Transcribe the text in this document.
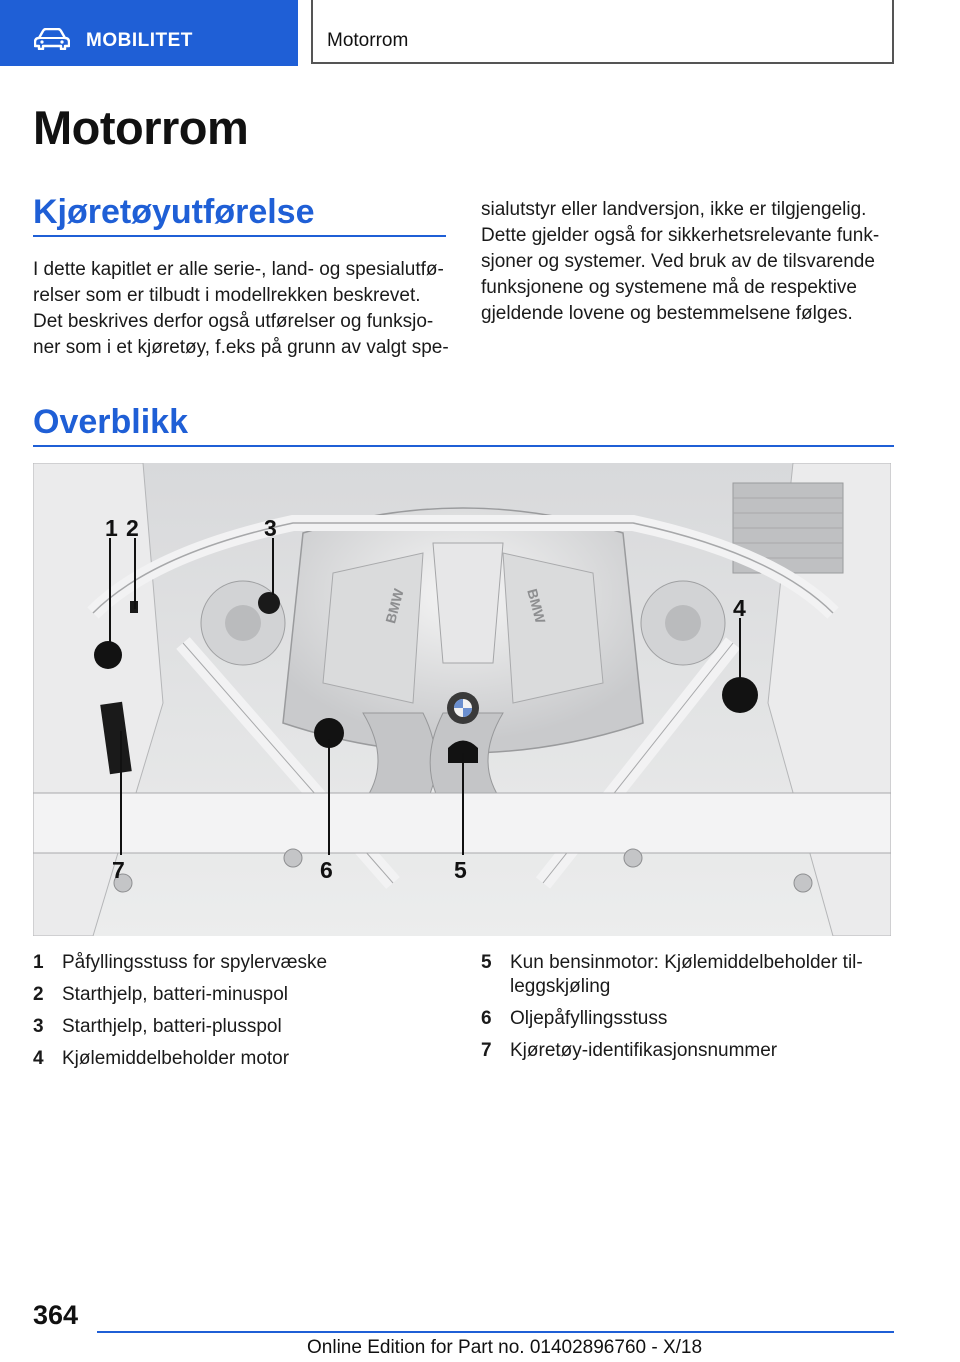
MOBILITET	Motorrom
Motorrom
Kjøretøyutførelse
I dette kapitlet er alle serie-, land- og spesialutfø-
relser som er tilbudt i modellrekken beskrevet.
Det beskrives derfor også utførelser og funksjo-
ner som i et kjøretøy, f.eks på grunn av valgt spe-
sialutstyr eller landversjon, ikke er tilgjengelig.
Dette gjelder også for sikkerhetsrelevante funk-
sjoner og systemer. Ved bruk av de tilsvarende
funksjonene og systemene må de respektive
gjeldende lovene og bestemmelsene følges.
Overblikk
1 2	3
4
5
6
7
BMW	BMW
1 Påfyllingsstuss for spylervæske
2 Starthjelp, batteri-minuspol
3 Starthjelp, batteri-plusspol
4 Kjølemiddelbeholder motor
5 Kun bensinmotor: Kjølemiddelbeholder til-
leggskjøling
6 Oljepåfyllingsstuss
7 Kjøretøy-identifikasjonsnummer
364
Online Edition for Part no. 01402896760 - X/18
